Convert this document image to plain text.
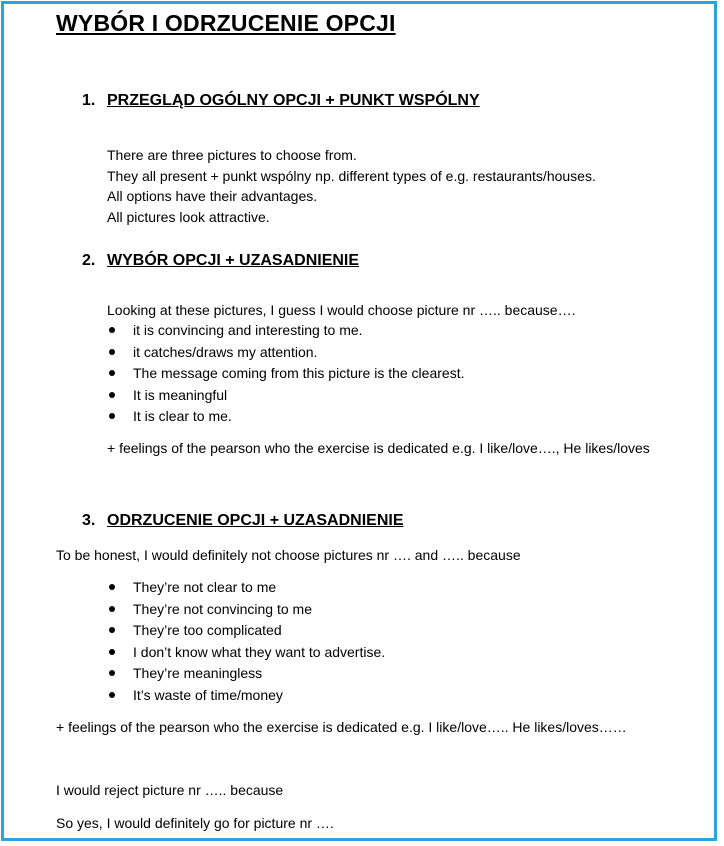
WYBÓR I ODRZUCENIE OPCJI
1. PRZEGLĄD OGÓLNY OPCJI + PUNKT WSPÓLNY
There are three pictures to choose from.
They all present + punkt wspólny np. different types of e.g. restaurants/houses.
All options have their advantages.
All pictures look attractive.
2. WYBÓR OPCJI + UZASADNIENIE
Looking at these pictures, I guess I would choose picture nr ….. because….
it is convincing and interesting to me.
it catches/draws my attention.
The message coming from this picture is the clearest.
It is meaningful
It is clear to me.
+ feelings of the pearson who the exercise is dedicated e.g. I like/love…., He likes/loves
3. ODRZUCENIE OPCJI + UZASADNIENIE
To be honest, I would definitely not choose pictures nr …. and ….. because
They’re not clear to me
They’re not convincing to me
They’re too complicated
I don’t know what they want to advertise.
They’re meaningless
It’s waste of time/money
+ feelings of the pearson who the exercise is dedicated e.g. I like/love….. He likes/loves……
I would reject picture nr ….. because
So yes, I would definitely go for picture nr ….
